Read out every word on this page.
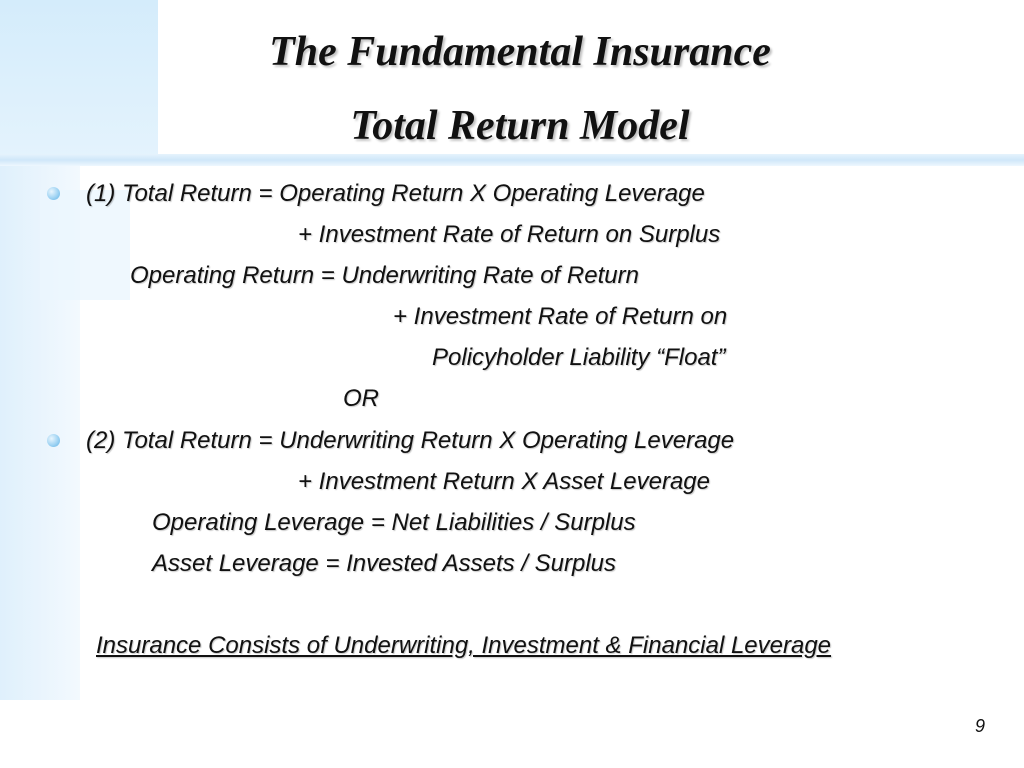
The Fundamental Insurance
Total Return Model
(1) Total Return = Operating Return X Operating Leverage
+ Investment Rate of Return on Surplus
Operating Return = Underwriting Rate of Return
+ Investment Rate of Return on
Policyholder Liability “Float”
OR
(2) Total Return = Underwriting Return X Operating Leverage
+ Investment Return X Asset Leverage
Operating Leverage = Net Liabilities / Surplus
Asset Leverage = Invested Assets / Surplus
Insurance Consists of Underwriting, Investment & Financial Leverage
9
